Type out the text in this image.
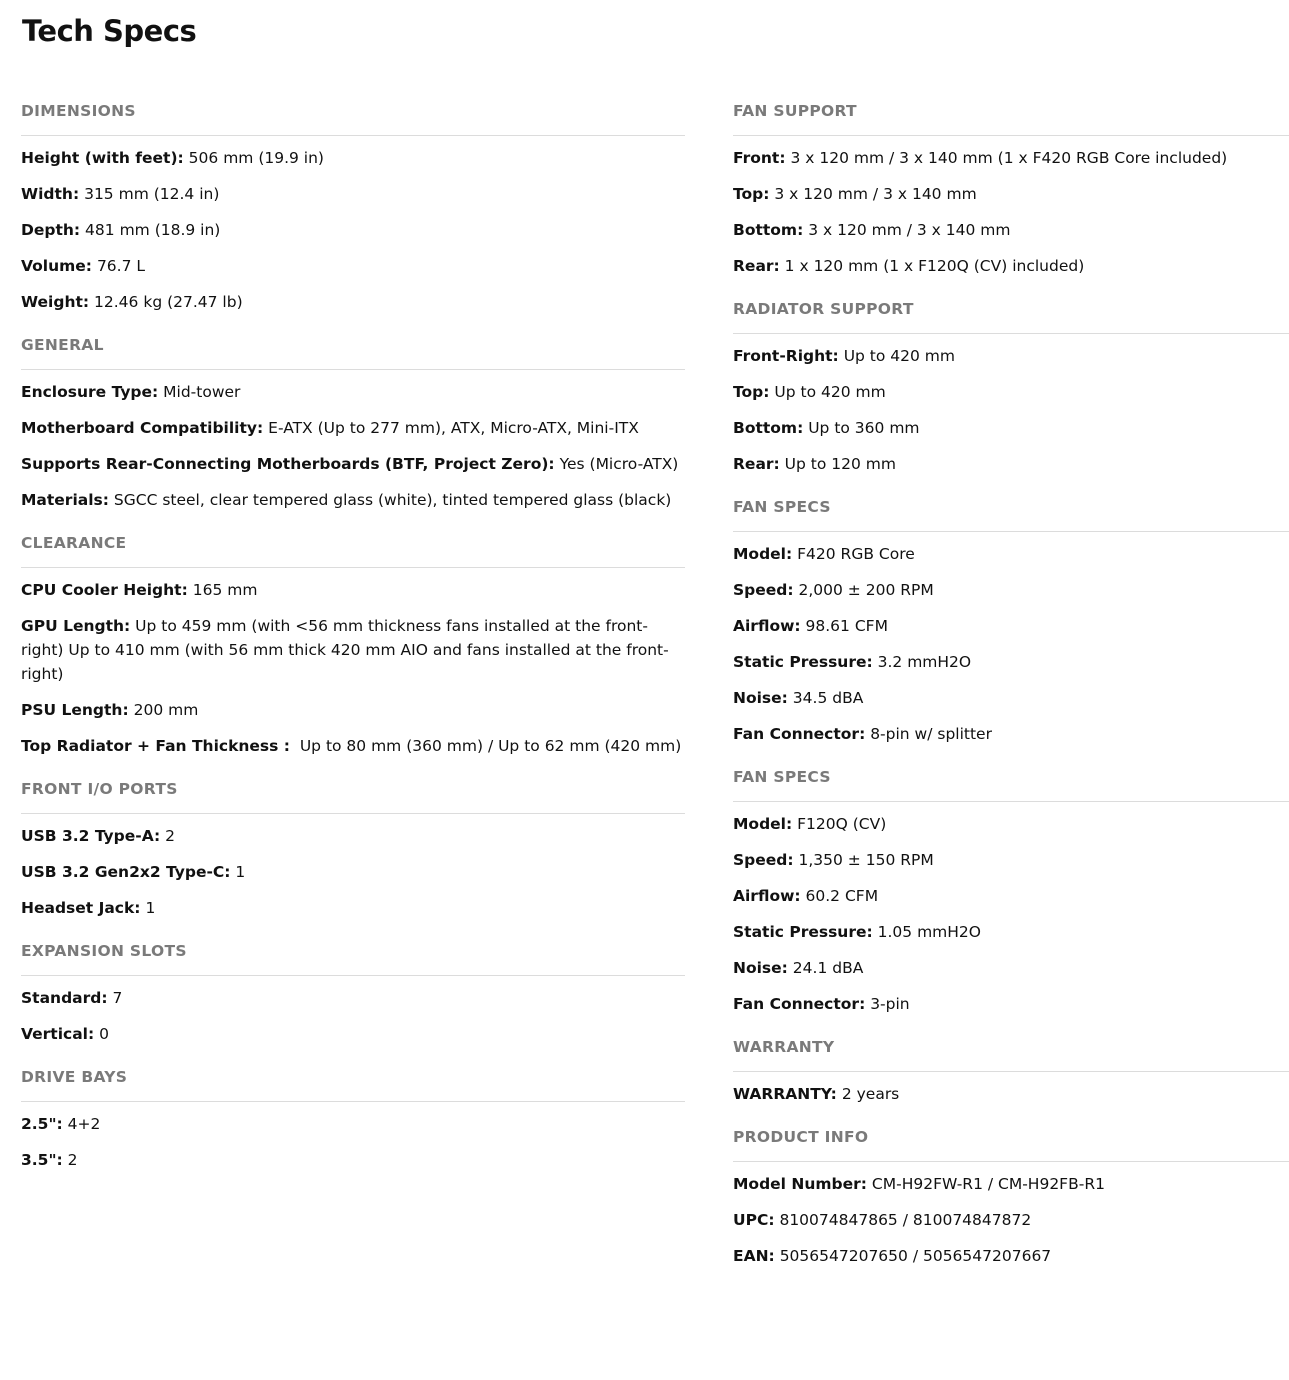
Tech Specs
DIMENSIONS
Height (with feet): 506 mm (19.9 in)
Width: 315 mm (12.4 in)
Depth: 481 mm (18.9 in)
Volume: 76.7 L
Weight: 12.46 kg (27.47 lb)
GENERAL
Enclosure Type: Mid-tower
Motherboard Compatibility: E-ATX (Up to 277 mm), ATX, Micro-ATX, Mini-ITX
Supports Rear-Connecting Motherboards (BTF, Project Zero): Yes (Micro-ATX)
Materials: SGCC steel, clear tempered glass (white), tinted tempered glass (black)
CLEARANCE
CPU Cooler Height: 165 mm
GPU Length: Up to 459 mm (with <56 mm thickness fans installed at the front-right) Up to 410 mm (with 56 mm thick 420 mm AIO and fans installed at the front-right)
PSU Length: 200 mm
Top Radiator + Fan Thickness :  Up to 80 mm (360 mm) / Up to 62 mm (420 mm)
FRONT I/O PORTS
USB 3.2 Type-A: 2
USB 3.2 Gen2x2 Type-C: 1
Headset Jack: 1
EXPANSION SLOTS
Standard: 7
Vertical: 0
DRIVE BAYS
2.5": 4+2
3.5": 2
FAN SUPPORT
Front: 3 x 120 mm / 3 x 140 mm (1 x F420 RGB Core included)
Top: 3 x 120 mm / 3 x 140 mm
Bottom: 3 x 120 mm / 3 x 140 mm
Rear: 1 x 120 mm (1 x F120Q (CV) included)
RADIATOR SUPPORT
Front-Right: Up to 420 mm
Top: Up to 420 mm
Bottom: Up to 360 mm
Rear: Up to 120 mm
FAN SPECS
Model: F420 RGB Core
Speed: 2,000 ± 200 RPM
Airflow: 98.61 CFM
Static Pressure: 3.2 mmH2O
Noise: 34.5 dBA
Fan Connector: 8-pin w/ splitter
FAN SPECS
Model: F120Q (CV)
Speed: 1,350 ± 150 RPM
Airflow: 60.2 CFM
Static Pressure: 1.05 mmH2O
Noise: 24.1 dBA
Fan Connector: 3-pin
WARRANTY
WARRANTY: 2 years
PRODUCT INFO
Model Number: CM-H92FW-R1 / CM-H92FB-R1
UPC: 810074847865 / 810074847872
EAN: 5056547207650 / 5056547207667
